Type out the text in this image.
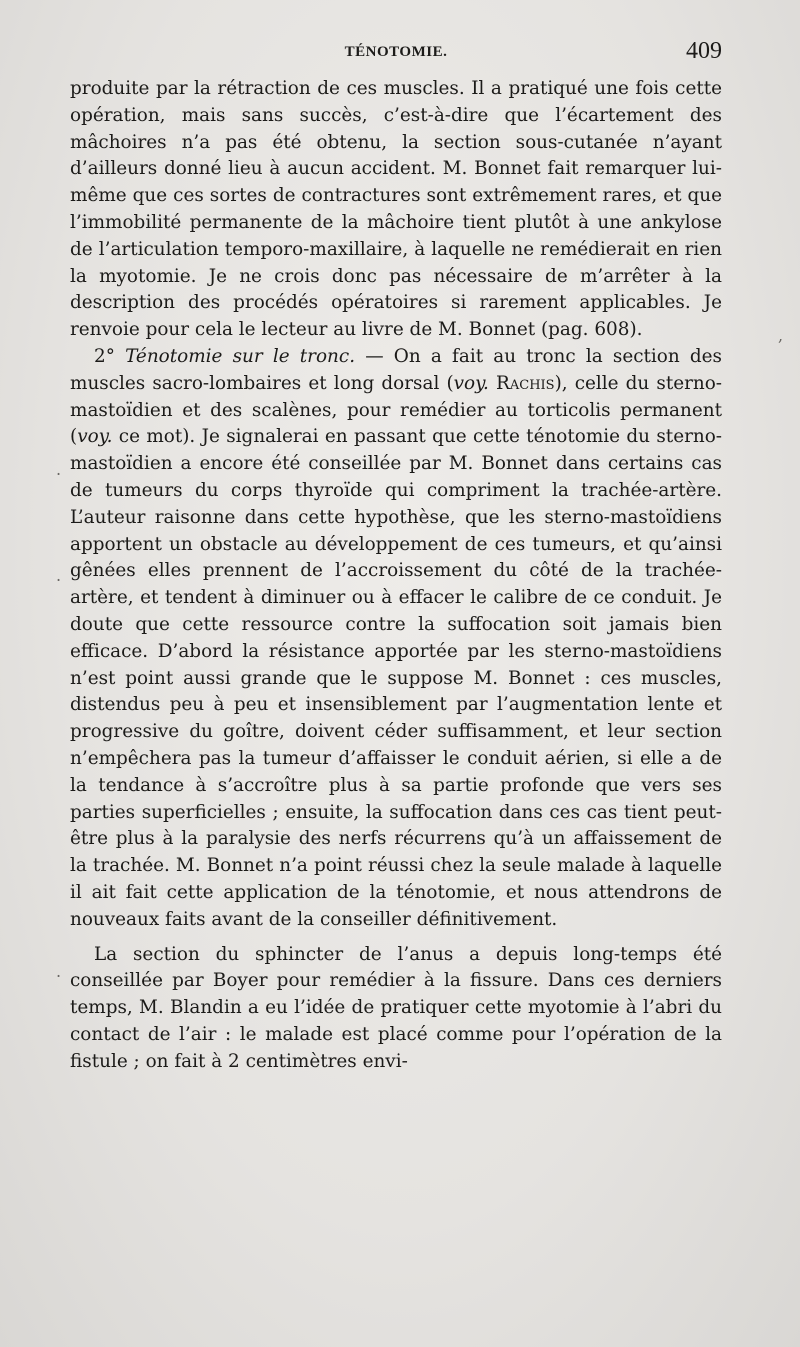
TÉNOTOMIE.	409

produite par la rétraction de ces muscles. Il a pratiqué une fois cette opération, mais sans succès, c’est-à-dire que l’écartement des mâchoires n’a pas été obtenu, la section sous-cutanée n’ayant d’ailleurs donné lieu à aucun accident. M. Bonnet fait remarquer lui-même que ces sortes de contractures sont extrêmement rares, et que l’immobilité permanente de la mâchoire tient plutôt à une ankylose de l’articulation temporo-maxillaire, à laquelle ne remédierait en rien la myotomie. Je ne crois donc pas nécessaire de m’arrêter à la description des procédés opératoires si rarement applicables. Je renvoie pour cela le lecteur au livre de M. Bonnet (pag. 608).

2° Ténotomie sur le tronc. — On a fait au tronc la section des muscles sacro-lombaires et long dorsal (voy. Rachis), celle du sterno-mastoïdien et des scalènes, pour remédier au torticolis permanent (voy. ce mot). Je signalerai en passant que cette ténotomie du sterno-mastoïdien a encore été conseillée par M. Bonnet dans certains cas de tumeurs du corps thyroïde qui compriment la trachée-artère. L’auteur raisonne dans cette hypothèse, que les sterno-mastoïdiens apportent un obstacle au développement de ces tumeurs, et qu’ainsi gênées elles prennent de l’accroissement du côté de la trachée-artère, et tendent à diminuer ou à effacer le calibre de ce conduit. Je doute que cette ressource contre la suffocation soit jamais bien efficace. D’abord la résistance apportée par les sterno-mastoïdiens n’est point aussi grande que le suppose M. Bonnet : ces muscles, distendus peu à peu et insensiblement par l’augmentation lente et progressive du goître, doivent céder suffisamment, et leur section n’empêchera pas la tumeur d’affaisser le conduit aérien, si elle a de la tendance à s’accroître plus à sa partie profonde que vers ses parties superficielles ; ensuite, la suffocation dans ces cas tient peut-être plus à la paralysie des nerfs récurrens qu’à un affaissement de la trachée. M. Bonnet n’a point réussi chez la seule malade à laquelle il ait fait cette application de la ténotomie, et nous attendrons de nouveaux faits avant de la conseiller définitivement.

La section du sphincter de l’anus a depuis long-temps été conseillée par Boyer pour remédier à la fissure. Dans ces derniers temps, M. Blandin a eu l’idée de pratiquer cette myotomie à l’abri du contact de l’air : le malade est placé comme pour l’opération de la fistule ; on fait à 2 centimètres envi-

,
.
.
.
